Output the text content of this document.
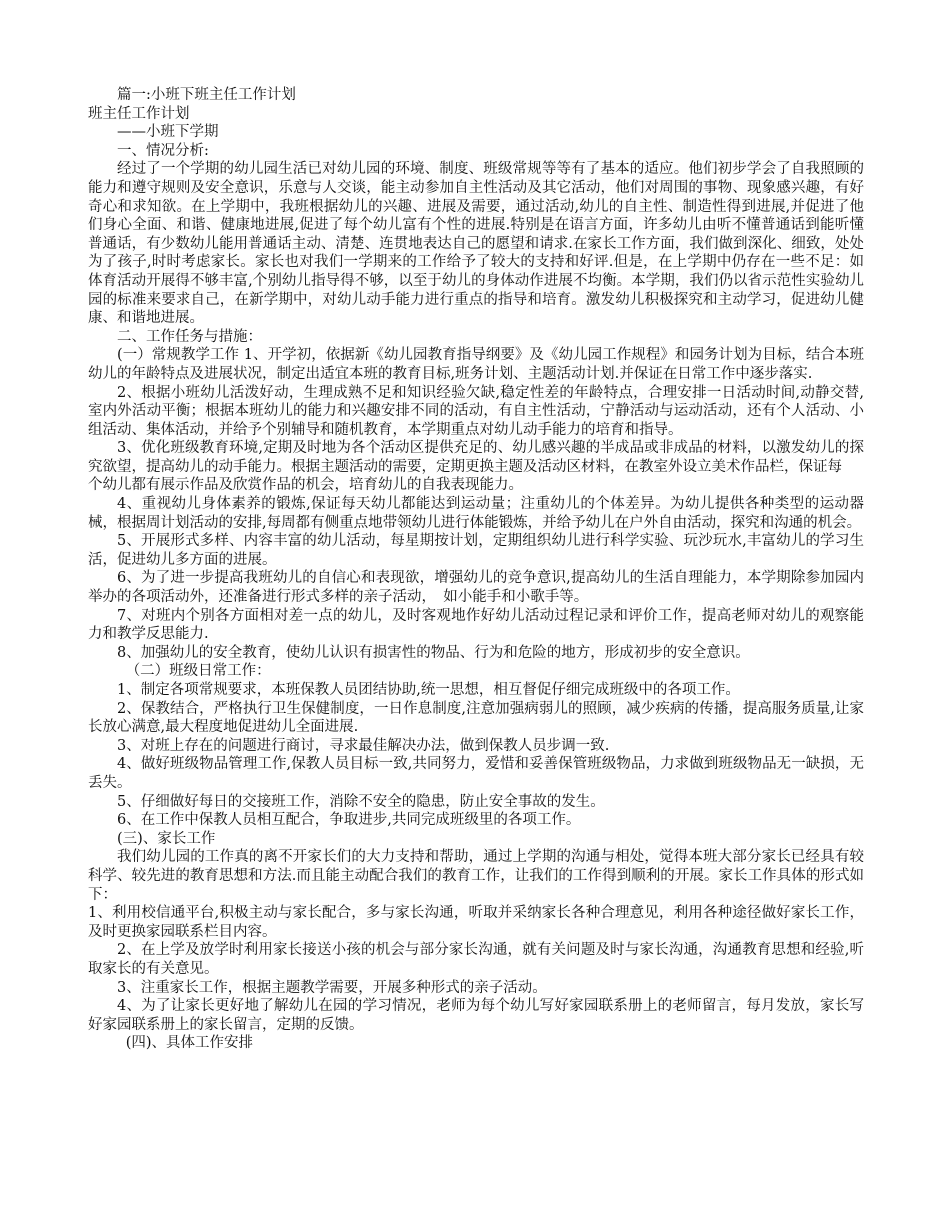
篇一:小班下班主任工作计划

班主任工作计划

——小班下学期

一、情况分析:

经过了一个学期的幼儿园生活已对幼儿园的环境、制度、班级常规等等有了基本的适应。他们初步学会了自我照顾的能力和遵守规则及安全意识，乐意与人交谈，能主动参加自主性活动及其它活动，他们对周围的事物、现象感兴趣，有好奇心和求知欲。在上学期中，我班根据幼儿的兴趣、进展及需要，通过活动,幼儿的自主性、制造性得到进展,并促进了他们身心全面、和谐、健康地进展,促进了每个幼儿富有个性的进展.特别是在语言方面，许多幼儿由听不懂普通话到能听懂普通话，有少数幼儿能用普通话主动、清楚、连贯地表达自己的愿望和请求.在家长工作方面，我们做到深化、细致，处处为了孩子,时时考虑家长。家长也对我们一学期来的工作给予了较大的支持和好评.但是，在上学期中仍存在一些不足：如体育活动开展得不够丰富,个别幼儿指导得不够，以至于幼儿的身体动作进展不均衡。本学期，我们仍以省示范性实验幼儿园的标准来要求自己，在新学期中，对幼儿动手能力进行重点的指导和培育。激发幼儿积极探究和主动学习，促进幼儿健康、和谐地进展。

二、工作任务与措施：

(一）常规教学工作 1、开学初，依据新《幼儿园教育指导纲要》及《幼儿园工作规程》和园务计划为目标，结合本班幼儿的年龄特点及进展状况，制定出适宜本班的教育目标,班务计划、主题活动计划.并保证在日常工作中逐步落实.

2、根据小班幼儿活泼好动，生理成熟不足和知识经验欠缺,稳定性差的年龄特点，合理安排一日活动时间,动静交替,室内外活动平衡；根据本班幼儿的能力和兴趣安排不同的活动，有自主性活动，宁静活动与运动活动，还有个人活动、小组活动、集体活动，并给予个别辅导和随机教育，本学期重点对幼儿动手能力的培育和指导。

3、优化班级教育环境,定期及时地为各个活动区提供充足的、幼儿感兴趣的半成品或非成品的材料，以激发幼儿的探究欲望，提高幼儿的动手能力。根据主题活动的需要，定期更换主题及活动区材料，在教室外设立美术作品栏，保证每

个幼儿都有展示作品及欣赏作品的机会，培育幼儿的自我表现能力。

4、重视幼儿身体素养的锻炼,保证每天幼儿都能达到运动量；注重幼儿的个体差异。为幼儿提供各种类型的运动器械，根据周计划活动的安排,每周都有侧重点地带领幼儿进行体能锻炼，并给予幼儿在户外自由活动，探究和沟通的机会。

5、开展形式多样、内容丰富的幼儿活动，每星期按计划，定期组织幼儿进行科学实验、玩沙玩水,丰富幼儿的学习生活，促进幼儿多方面的进展。

6、为了进一步提高我班幼儿的自信心和表现欲，增强幼儿的竞争意识,提高幼儿的生活自理能力，本学期除参加园内举办的各项活动外，还准备进行形式多样的亲子活动，　如小能手和小歌手等。

7、对班内个别各方面相对差一点的幼儿，及时客观地作好幼儿活动过程记录和评价工作，提高老师对幼儿的观察能力和教学反思能力.

8、加强幼儿的安全教育，使幼儿认识有损害性的物品、行为和危险的地方，形成初步的安全意识。

（二）班级日常工作：

1、制定各项常规要求，本班保教人员团结协助,统一思想，相互督促仔细完成班级中的各项工作。

2、保教结合，严格执行卫生保健制度，一日作息制度,注意加强病弱儿的照顾，减少疾病的传播，提高服务质量,让家长放心满意,最大程度地促进幼儿全面进展.

3、对班上存在的问题进行商讨，寻求最佳解决办法，做到保教人员步调一致.

4、做好班级物品管理工作,保教人员目标一致,共同努力，爱惜和妥善保管班级物品，力求做到班级物品无一缺损，无丢失。

5、仔细做好每日的交接班工作，消除不安全的隐患，防止安全事故的发生。

6、在工作中保教人员相互配合，争取进步,共同完成班级里的各项工作。

(三)、家长工作

我们幼儿园的工作真的离不开家长们的大力支持和帮助，通过上学期的沟通与相处，觉得本班大部分家长已经具有较科学、较先进的教育思想和方法.而且能主动配合我们的教育工作，让我们的工作得到顺利的开展。家长工作具体的形式如下：

1、利用校信通平台,积极主动与家长配合，多与家长沟通，听取并采纳家长各种合理意见，利用各种途径做好家长工作，及时更换家园联系栏目内容。

2、在上学及放学时利用家长接送小孩的机会与部分家长沟通，就有关问题及时与家长沟通，沟通教育思想和经验,听取家长的有关意见。

3、注重家长工作，根据主题教学需要，开展多种形式的亲子活动。

4、为了让家长更好地了解幼儿在园的学习情况，老师为每个幼儿写好家园联系册上的老师留言，每月发放，家长写好家园联系册上的家长留言，定期的反馈。

(四)、具体工作安排
